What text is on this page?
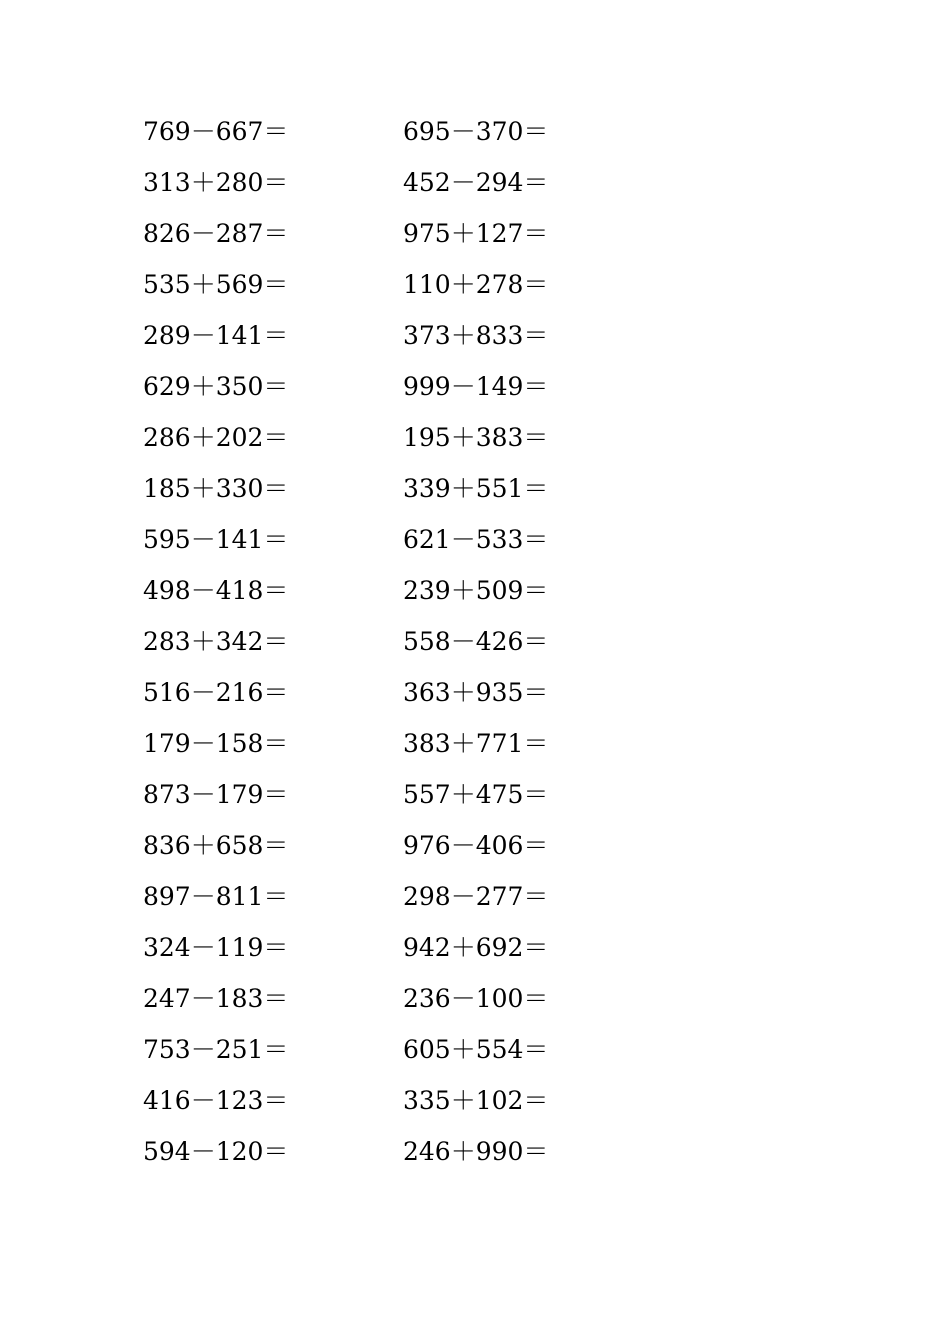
769－667＝	695－370＝
313＋280＝	452－294＝
826－287＝	975＋127＝
535＋569＝	110＋278＝
289－141＝	373＋833＝
629＋350＝	999－149＝
286＋202＝	195＋383＝
185＋330＝	339＋551＝
595－141＝	621－533＝
498－418＝	239＋509＝
283＋342＝	558－426＝
516－216＝	363＋935＝
179－158＝	383＋771＝
873－179＝	557＋475＝
836＋658＝	976－406＝
897－811＝	298－277＝
324－119＝	942＋692＝
247－183＝	236－100＝
753－251＝	605＋554＝
416－123＝	335＋102＝
594－120＝	246＋990＝
